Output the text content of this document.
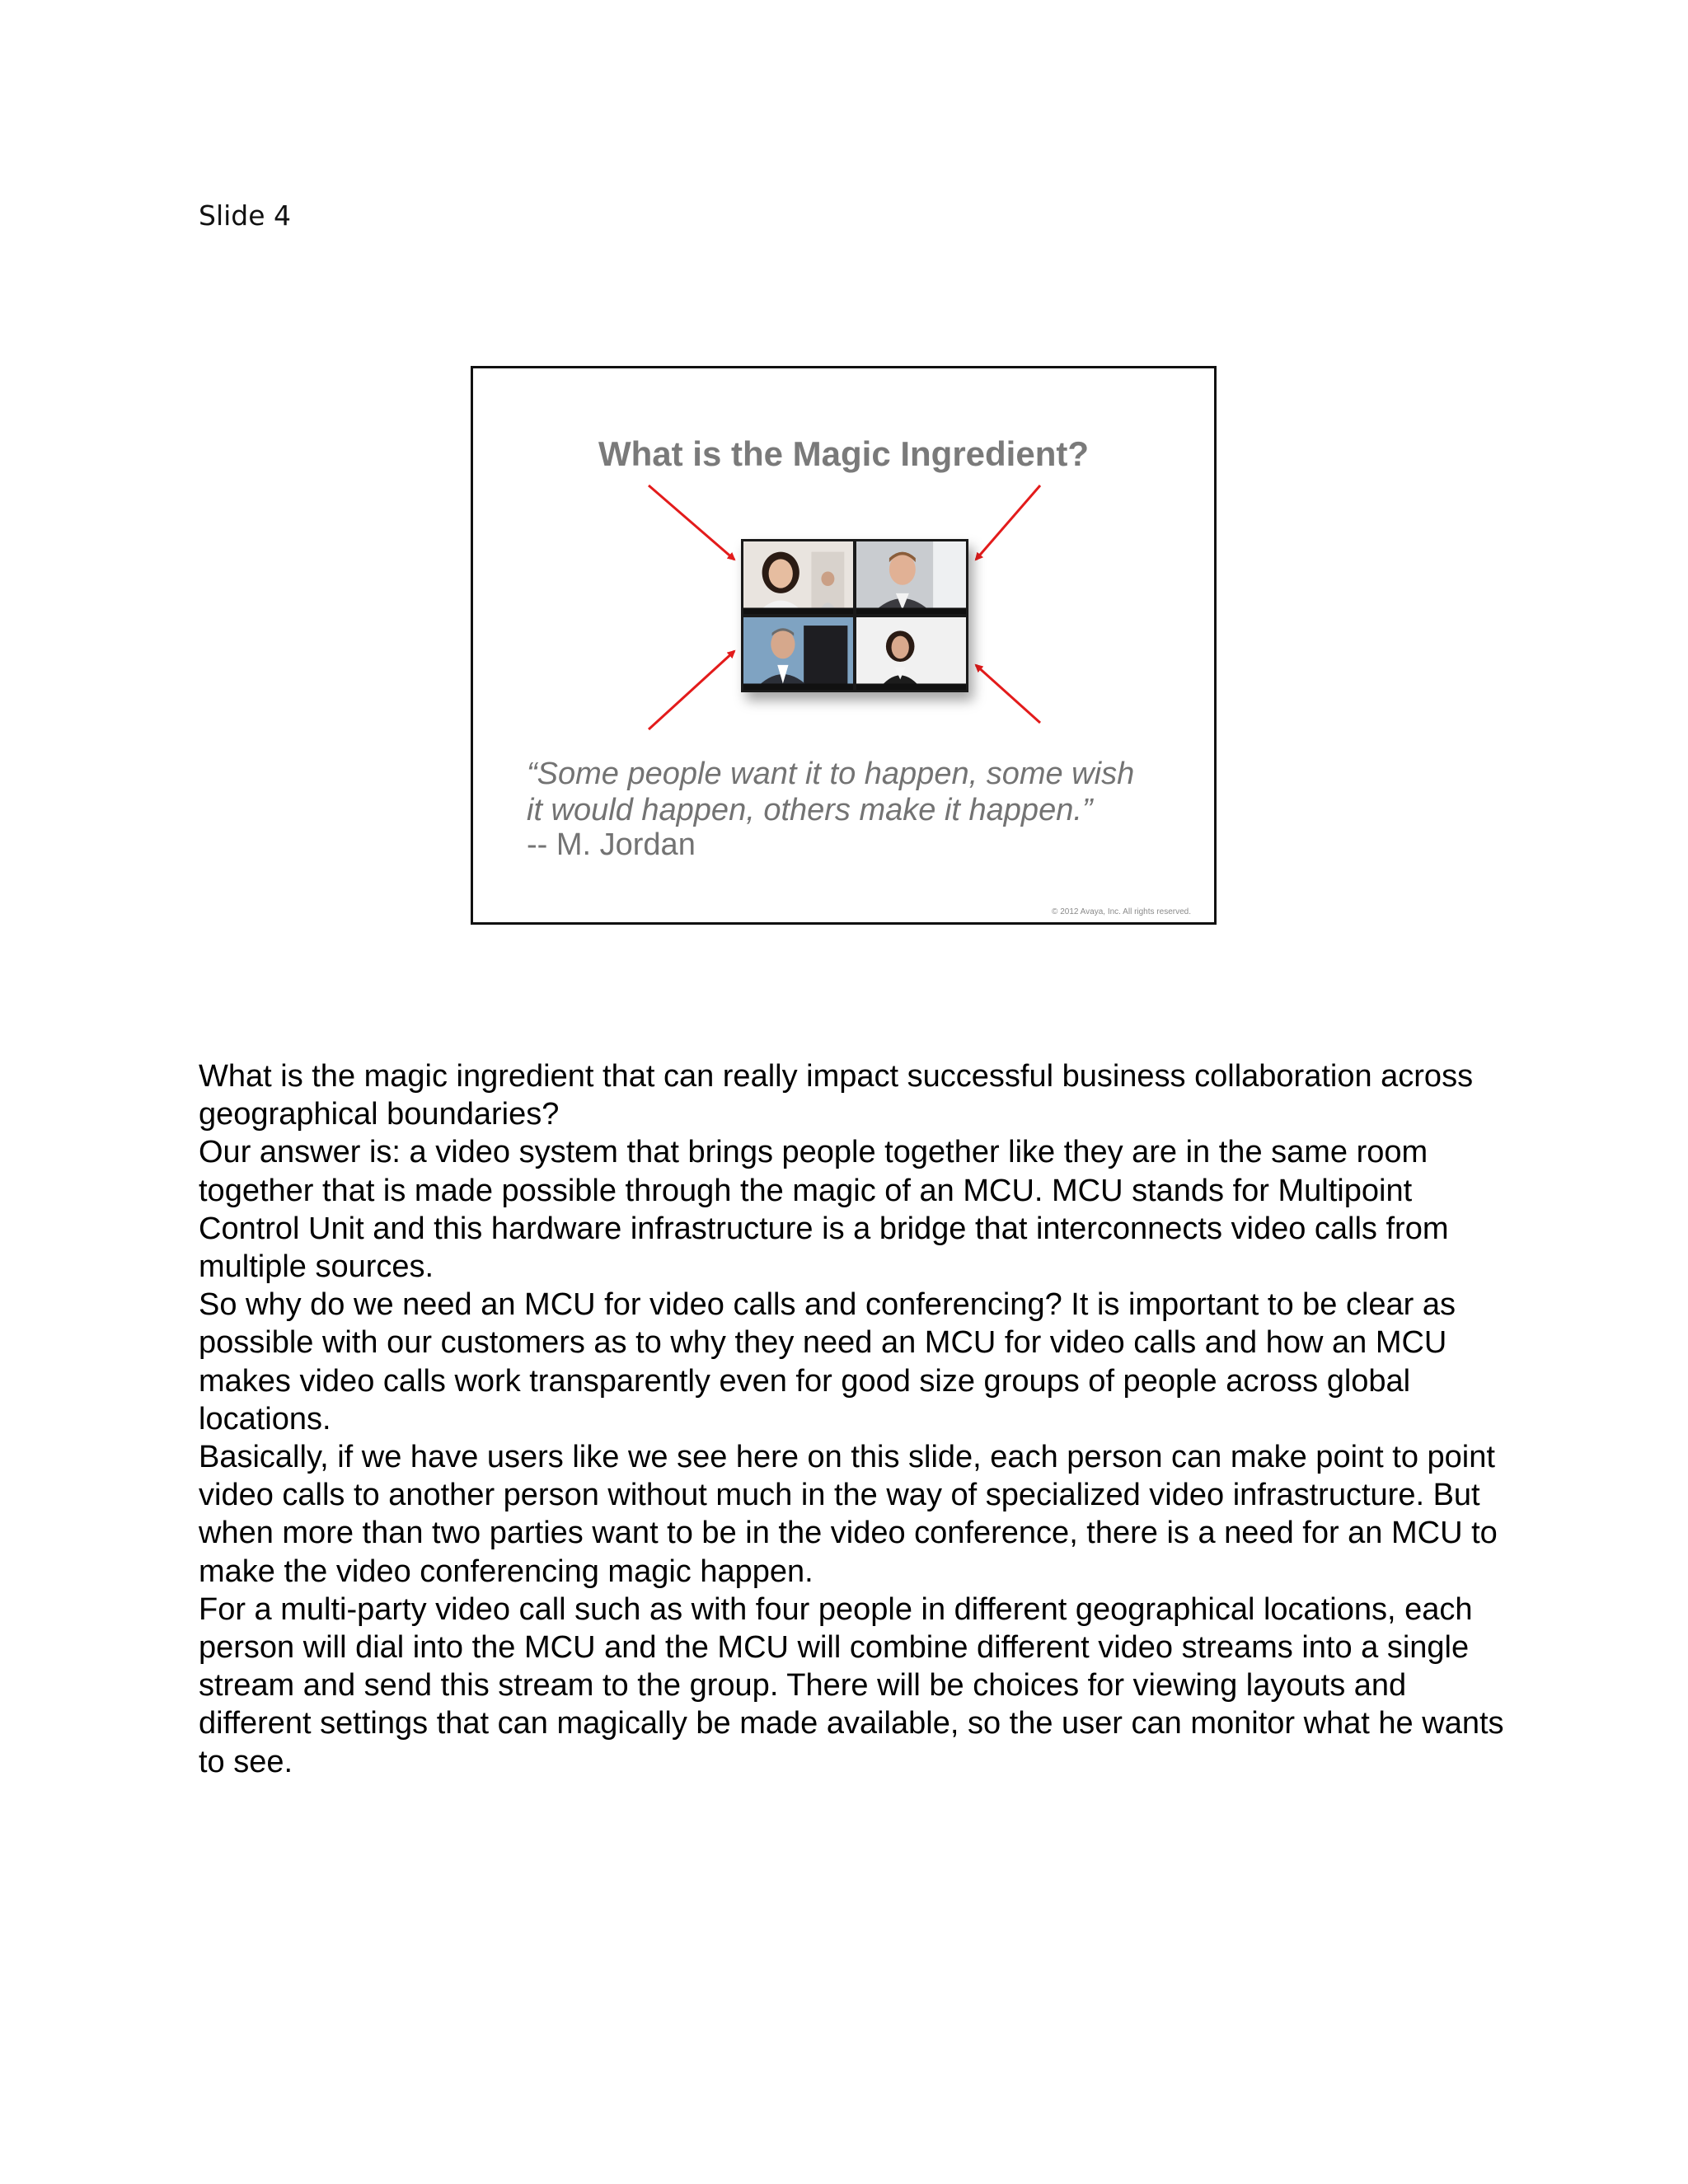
Slide 4
What is the Magic Ingredient?
“Some people want it to happen, some wish
it would happen, others make it happen.”
-- M. Jordan
© 2012 Avaya, Inc. All rights reserved.

What is the magic ingredient that can really impact successful business collaboration across geographical boundaries?

Our answer is: a video system that brings people together like they are in the same room together that is made possible through the magic of an MCU. MCU stands for Multipoint Control Unit and this hardware infrastructure is a bridge that interconnects video calls from multiple sources.

So why do we need an MCU for video calls and conferencing? It is important to be clear as possible with our customers as to why they need an MCU for video calls and how an MCU makes video calls work transparently even for good size groups of people across global locations.

Basically, if we have users like we see here on this slide, each person can make point to point video calls to another person without much in the way of specialized video infrastructure. But when more than two parties want to be in the video conference, there is a need for an MCU to make the video conferencing magic happen.

For a multi-party video call such as with four people in different geographical locations, each person will dial into the MCU and the MCU will combine different video streams into a single stream and send this stream to the group. There will be choices for viewing layouts and different settings that can magically be made available, so the user can monitor what he wants to see.
